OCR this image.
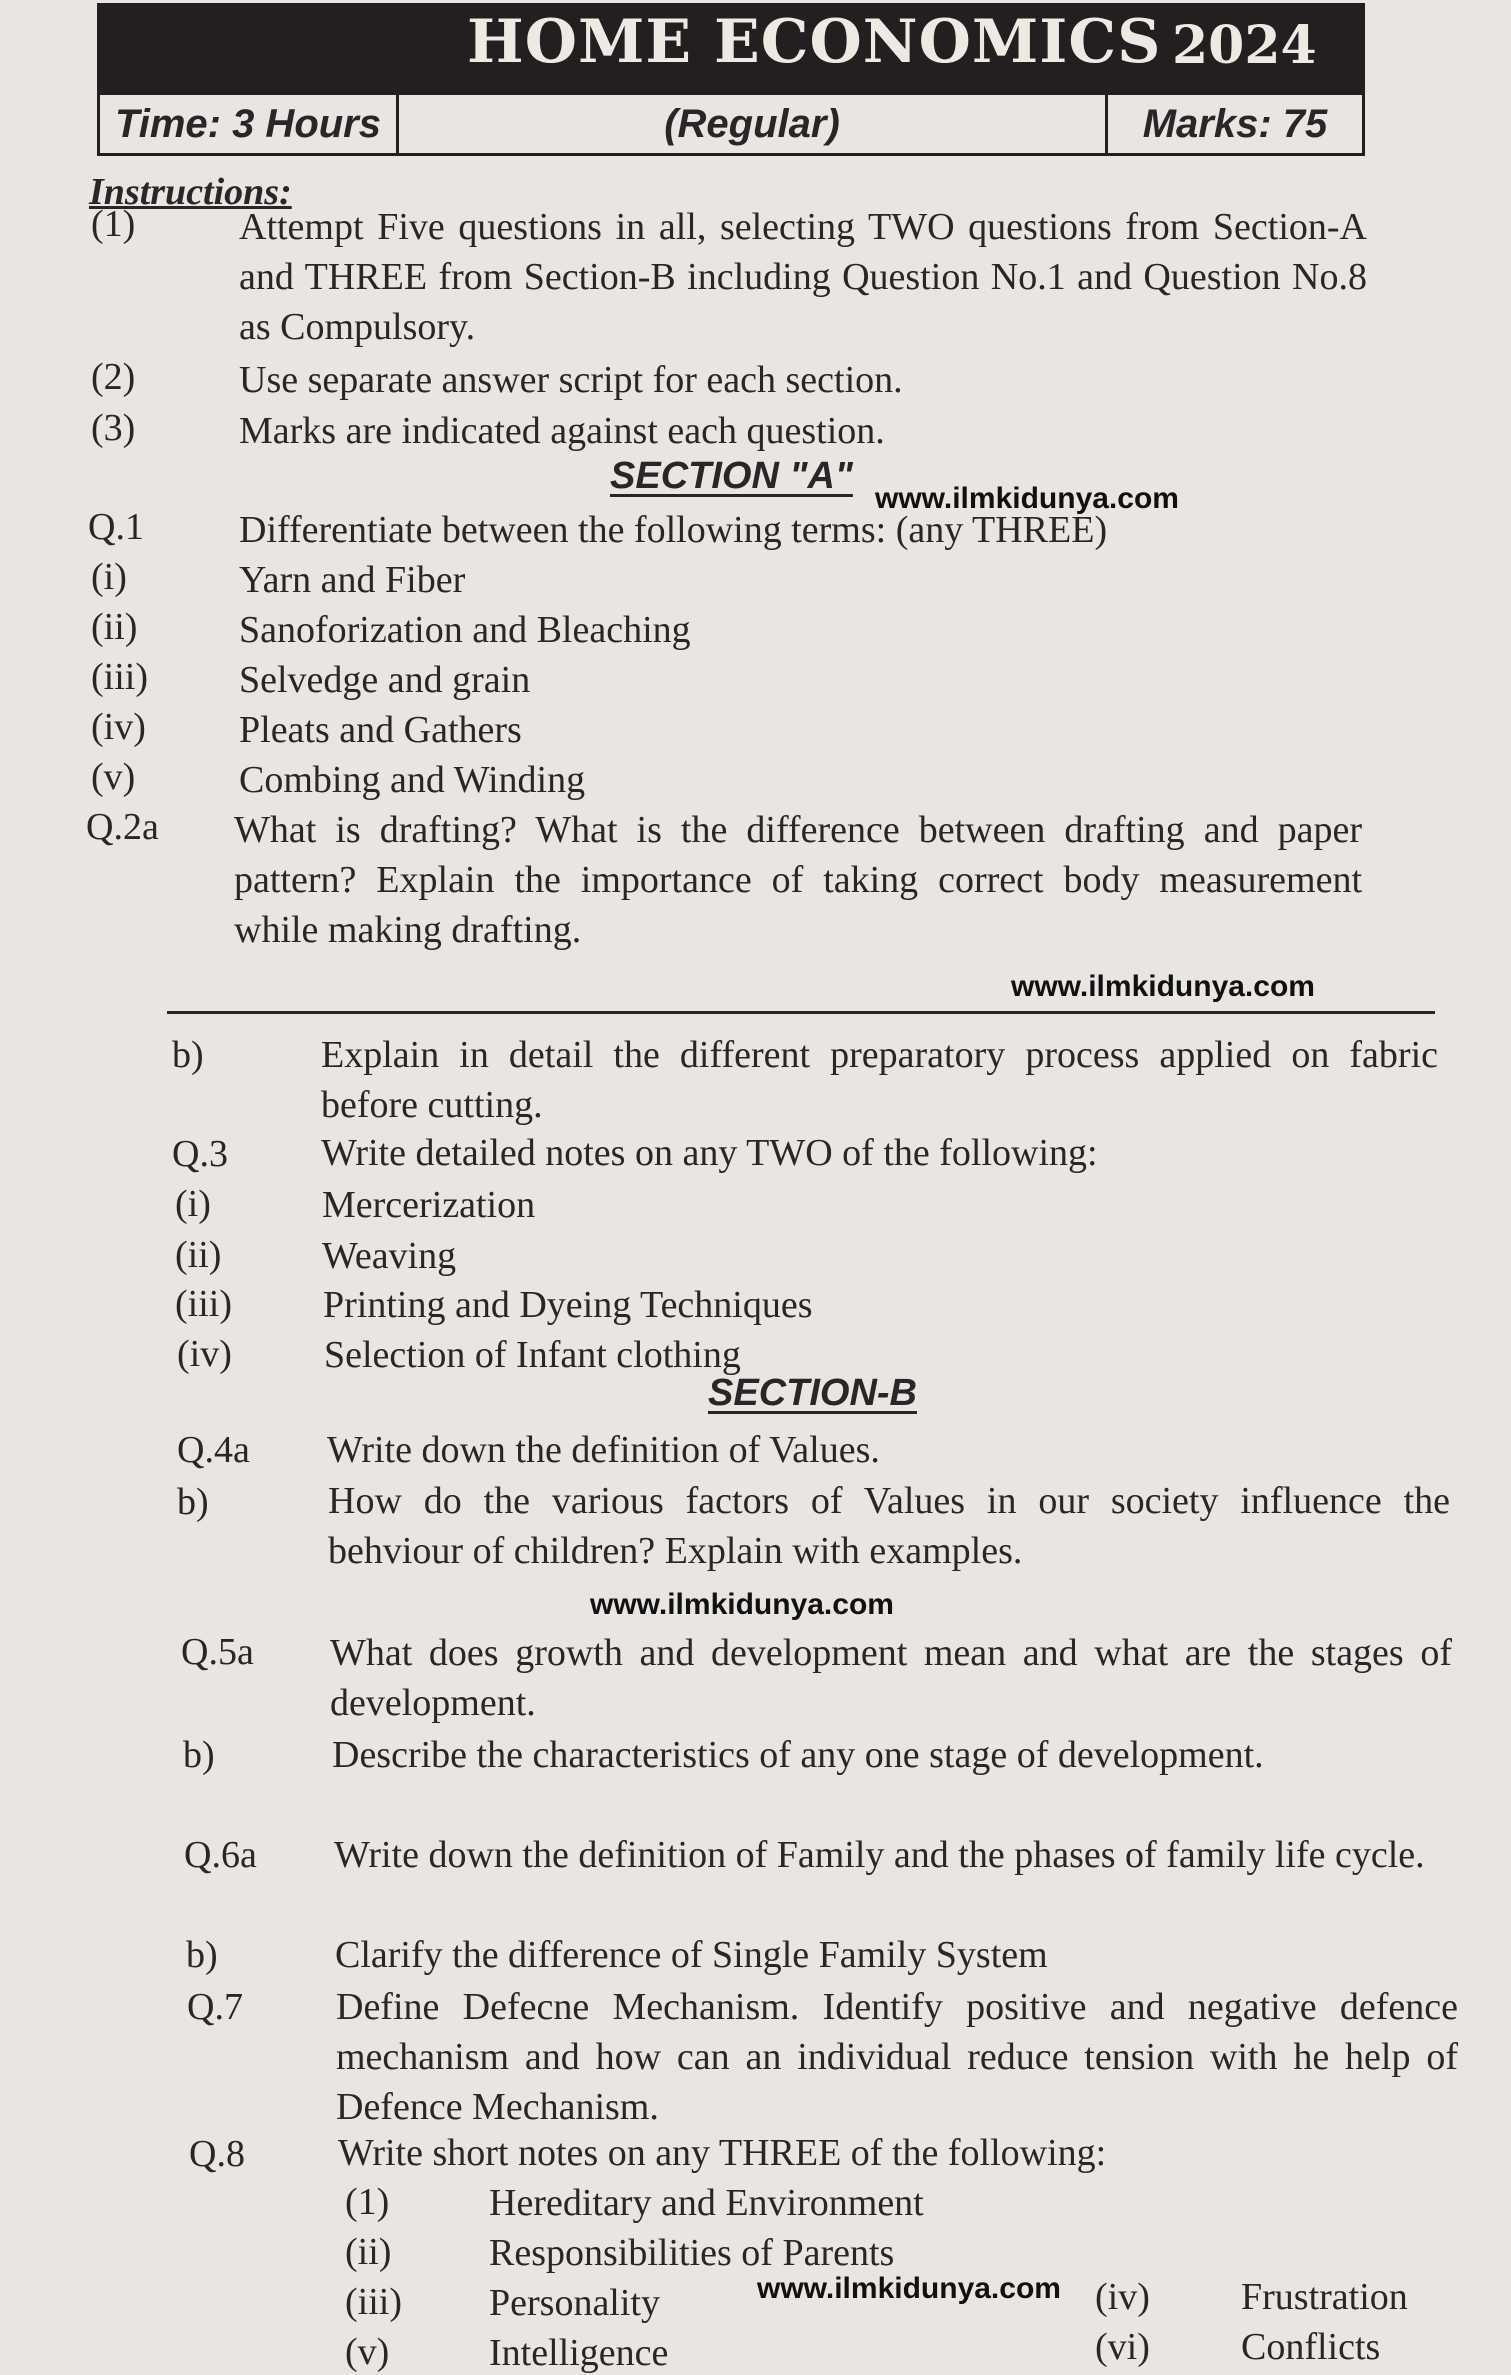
HOME ECONOMICS 2024
Time: 3 Hours	(Regular)	Marks: 75
Instructions:
(1)	Attempt Five questions in all, selecting TWO questions from Section-A and THREE from Section-B including Question No.1 and Question No.8 as Compulsory.
(2)	Use separate answer script for each section.
(3)	Marks are indicated against each question.
SECTION "A"
www.ilmkidunya.com
Q.1	Differentiate between the following terms: (any THREE)
(i)	Yarn and Fiber
(ii)	Sanoforization and Bleaching
(iii) Selvedge and grain
(iv) Pleats and Gathers
(v)	Combing and Winding
Q.2a What is drafting? What is the difference between drafting and paper pattern? Explain the importance of taking correct body measurement while making drafting.
www.ilmkidunya.com
b)	Explain in detail the different preparatory process applied on fabric before cutting.
Q.3 Write detailed notes on any TWO of the following:
(i)	Mercerization
(ii)	Weaving
(iii) Printing and Dyeing Techniques
(iv) Selection of Infant clothing
SECTION-B
Q.4a Write down the definition of Values.
b)	How do the various factors of Values in our society influence the behviour of children? Explain with examples.
www.ilmkidunya.com
Q.5a What does growth and development mean and what are the stages of development.
b)	Describe the characteristics of any one stage of development.
Q.6a Write down the definition of Family and the phases of family life cycle.
b)	Clarify the difference of Single Family System
Q.7 Define Defecne Mechanism. Identify positive and negative defence mechanism and how can an individual reduce tension with he help of Defence Mechanism.
Q.8 Write short notes on any THREE of the following:
(1)	Hereditary and Environment
(ii)	Responsibilities of Parents
(iii) Personality	(iv) Frustration
(v)	Intelligence	(vi) Conflicts
www.ilmkidunya.com
